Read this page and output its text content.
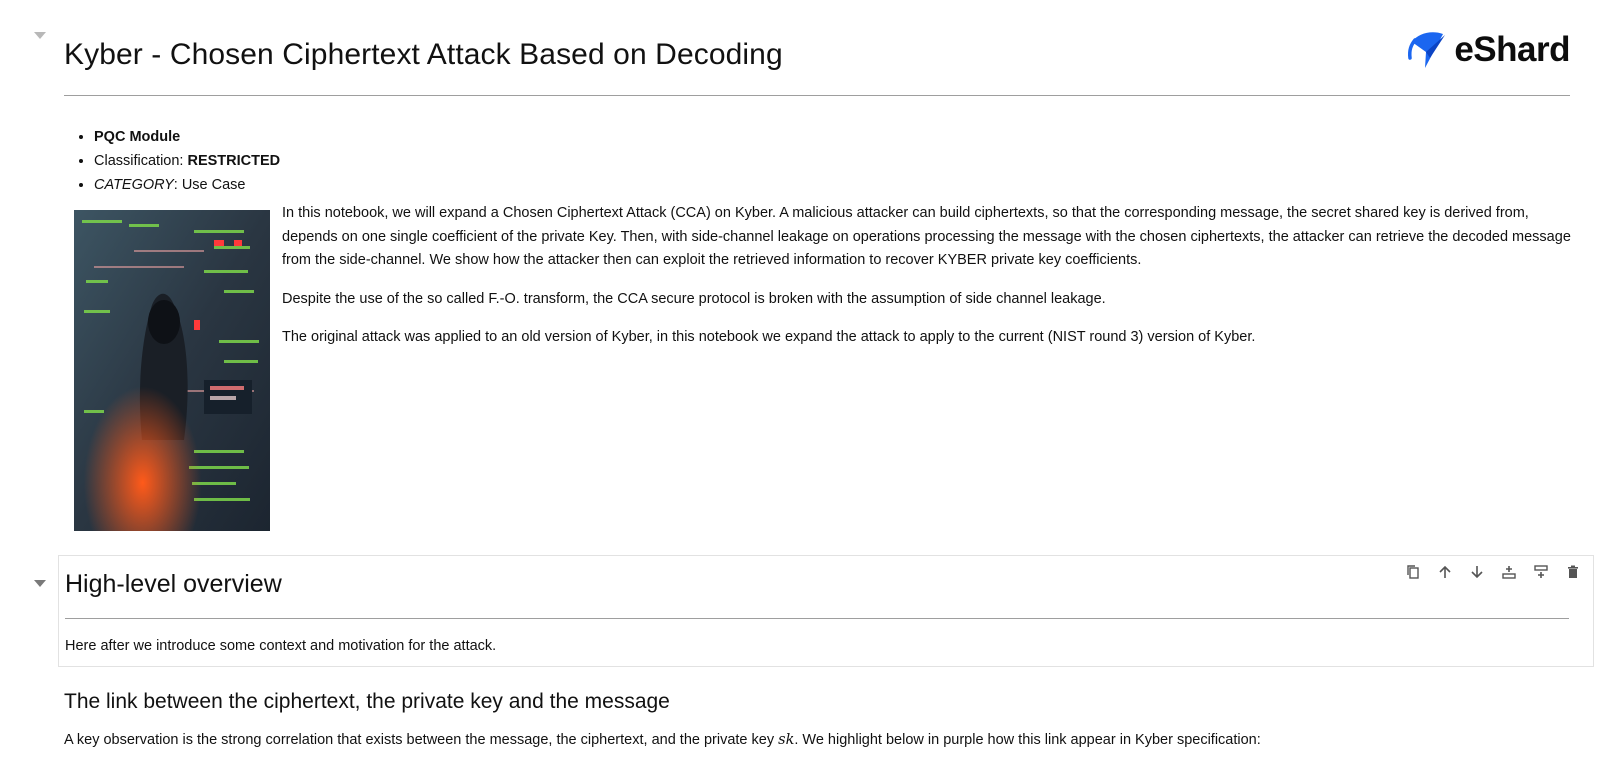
Kyber - Chosen Ciphertext Attack Based on Decoding	eShard
• PQC Module
• Classification: RESTRICTED
• CATEGORY: Use Case

In this notebook, we will expand a Chosen Ciphertext Attack (CCA) on Kyber. A malicious attacker can build ciphertexts, so that the corresponding message, the secret shared key is derived from, depends on one single coefficient of the private Key. Then, with side-channel leakage on operations processing the message with the chosen ciphertexts, the attacker can retrieve the decoded message from the side-channel. We show how the attacker then can exploit the retrieved information to recover KYBER private key coefficients.

Despite the use of the so called F.-O. transform, the CCA secure protocol is broken with the assumption of side channel leakage.

The original attack was applied to an old version of Kyber, in this notebook we expand the attack to apply to the current (NIST round 3) version of Kyber.

High-level overview

Here after we introduce some context and motivation for the attack.

The link between the ciphertext, the private key and the message

A key observation is the strong correlation that exists between the message, the ciphertext, and the private key sk. We highlight below in purple how this link appear in Kyber specification:
